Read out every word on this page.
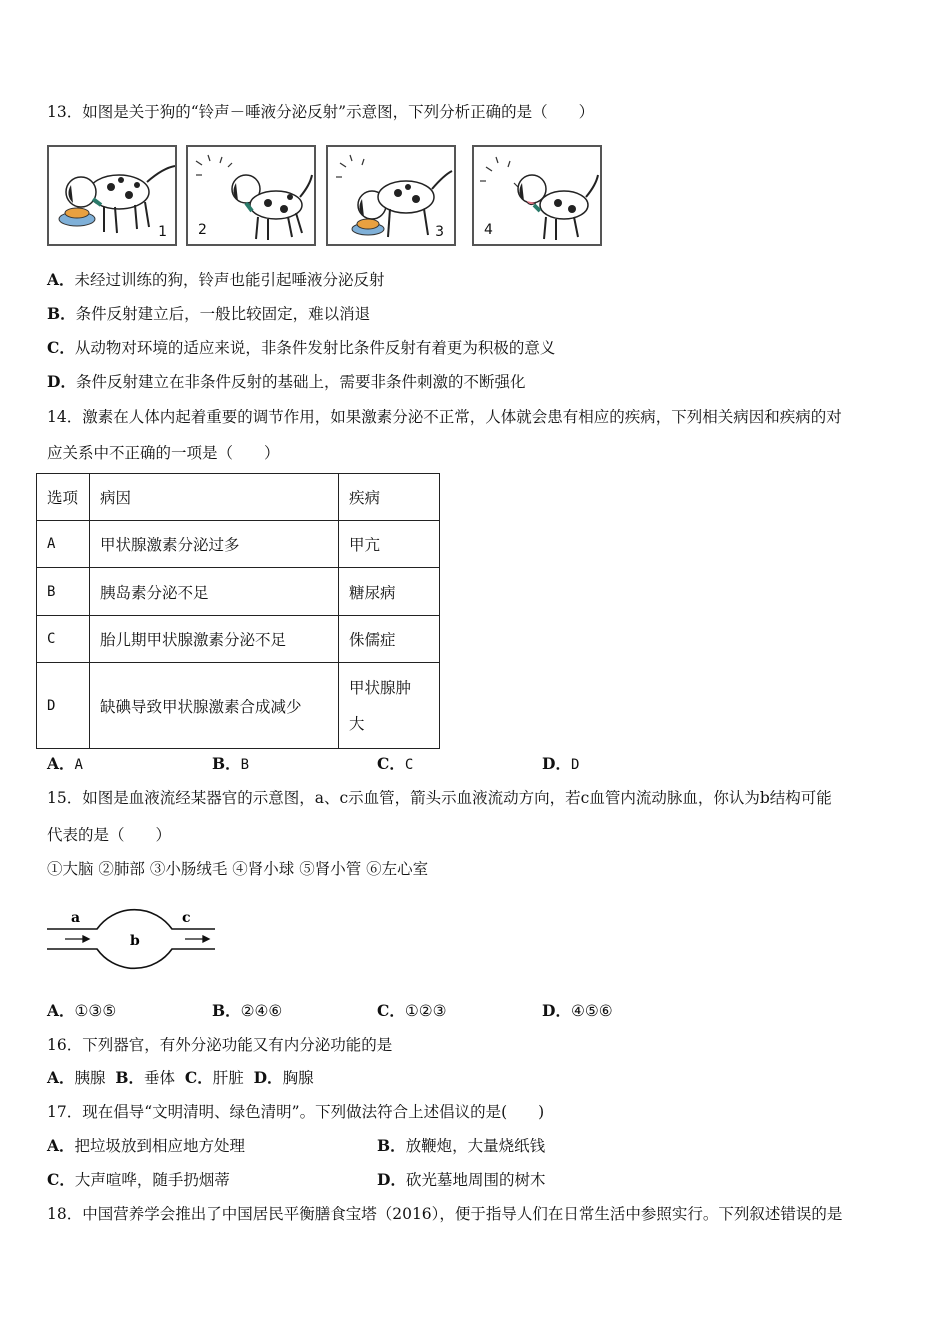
13．如图是关于狗的“铃声－唾液分泌反射”示意图，下列分析正确的是（　　）
1 2	3	4
A．未经过训练的狗，铃声也能引起唾液分泌反射
B．条件反射建立后，一般比较固定，难以消退
C．从动物对环境的适应来说，非条件发射比条件反射有着更为积极的意义
D．条件反射建立在非条件反射的基础上，需要非条件刺激的不断强化
14．激素在人体内起着重要的调节作用，如果激素分泌不正常，人体就会患有相应的疾病，下列相关病因和疾病的对
应关系中不正确的一项是（　　）
选项	病因	疾病
A	甲状腺激素分泌过多	甲亢
B	胰岛素分泌不足	糖尿病
C	胎儿期甲状腺激素分泌不足	侏儒症
D	缺碘导致甲状腺激素合成减少	甲状腺肿
大
A．A	B．B	C．C	D．D
15．如图是血液流经某器官的示意图，a、c示血管，箭头示血液流动方向，若c血管内流动脉血，你认为b结构可能
代表的是（　　）
①大脑 ②肺部 ③小肠绒毛 ④肾小球 ⑤肾小管 ⑥左心室
a
b
c
A．①③⑤	B．②④⑥	C．①②③	D．④⑤⑥
16．下列器官，有外分泌功能又有内分泌功能的是
A．胰腺 B．垂体 C．肝脏 D．胸腺
17．现在倡导“文明清明、绿色清明”。下列做法符合上述倡议的是(　　)
A．把垃圾放到相应地方处理	B．放鞭炮，大量烧纸钱
C．大声喧哗，随手扔烟蒂	D．砍光墓地周围的树木
18．中国营养学会推出了中国居民平衡膳食宝塔（2016），便于指导人们在日常生活中参照实行。下列叙述错误的是
